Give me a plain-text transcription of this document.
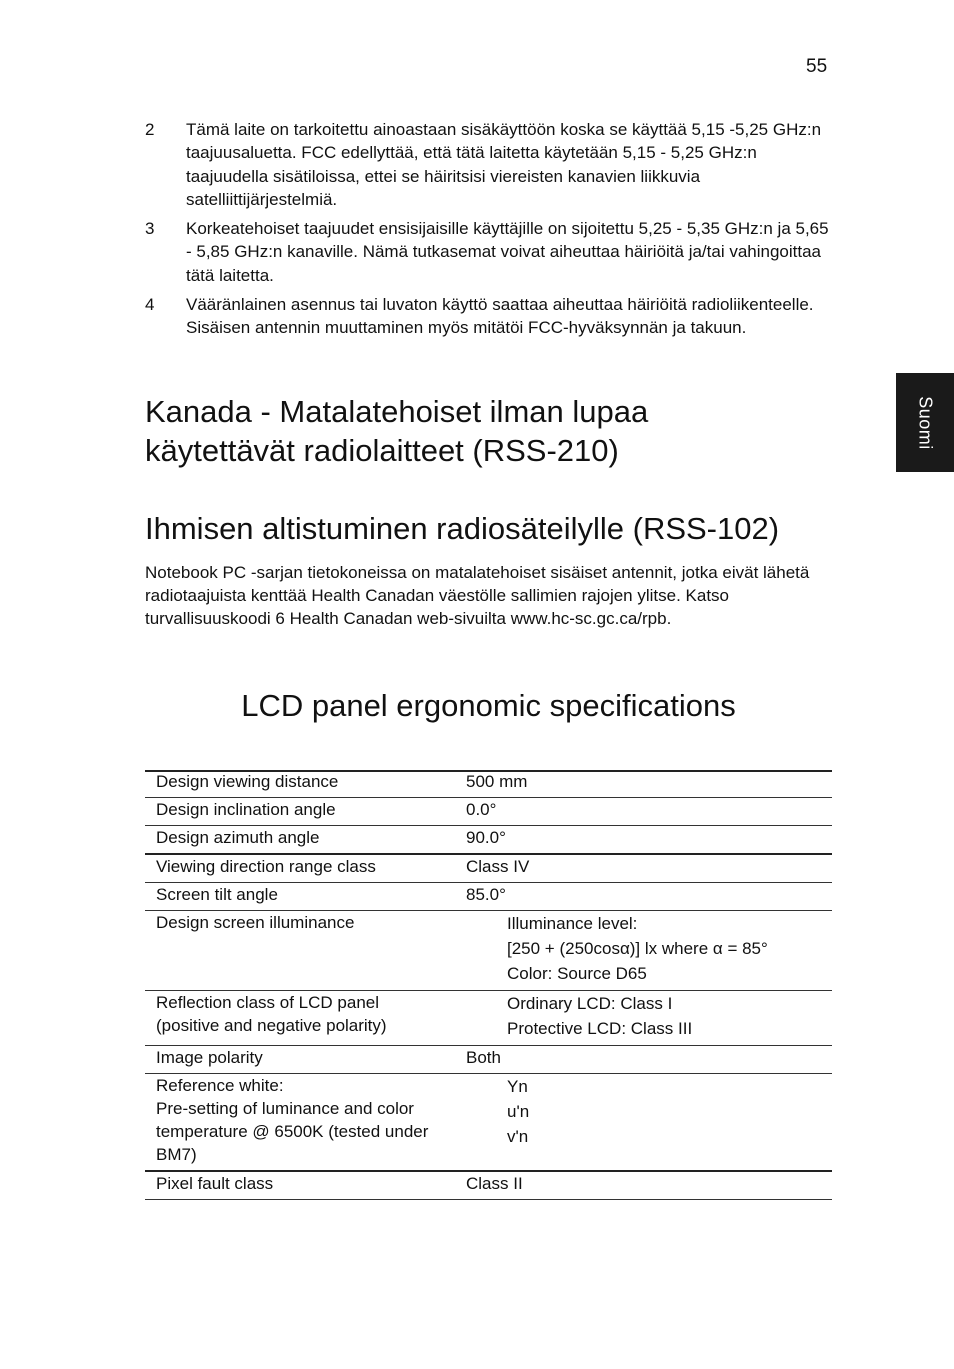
55
Suomi
2	Tämä laite on tarkoitettu ainoastaan sisäkäyttöön koska se käyttää 5,15 -5,25 GHz:n taajuusaluetta. FCC edellyttää, että tätä laitetta käytetään 5,15 - 5,25 GHz:n taajuudella sisätiloissa, ettei se häiritsisi viereisten kanavien liikkuvia satelliittijärjestelmiä.
3	Korkeatehoiset taajuudet ensisijaisille käyttäjille on sijoitettu 5,25 - 5,35 GHz:n ja 5,65 - 5,85 GHz:n kanaville. Nämä tutkasemat voivat aiheuttaa häiriöitä ja/tai vahingoittaa tätä laitetta.
4	Vääränlainen asennus tai luvaton käyttö saattaa aiheuttaa häiriöitä radioliikenteelle. Sisäisen antennin muuttaminen myös mitätöi FCC-hyväksynnän ja takuun.
Kanada - Matalatehoiset ilman lupaa käytettävät radiolaitteet (RSS-210)
Ihmisen altistuminen radiosäteilylle (RSS-102)

Notebook PC -sarjan tietokoneissa on matalatehoiset sisäiset antennit, jotka eivät lähetä radiotaajuista kenttää Health Canadan väestölle sallimien rajojen ylitse. Katso turvallisuuskoodi 6 Health Canadan web-sivuilta www.hc-sc.gc.ca/rpb.

LCD panel ergonomic specifications
Design viewing distance	500 mm
Design inclination angle	0.0°
Design azimuth angle	90.0°
Viewing direction range class	Class IV
Screen tilt angle	85.0°
Design screen illuminance	Illuminance level:
[250 + (250cosα)] lx where α = 85°
Color: Source D65

Reflection class of LCD panel
(positive and negative polarity)	Ordinary LCD: Class I
Protective LCD: Class III

Image polarity	Both
Reference white:
Pre-setting of luminance and color temperature @ 6500K (tested under BM7)	Yn
u'n
v'n

Pixel fault class	Class II
